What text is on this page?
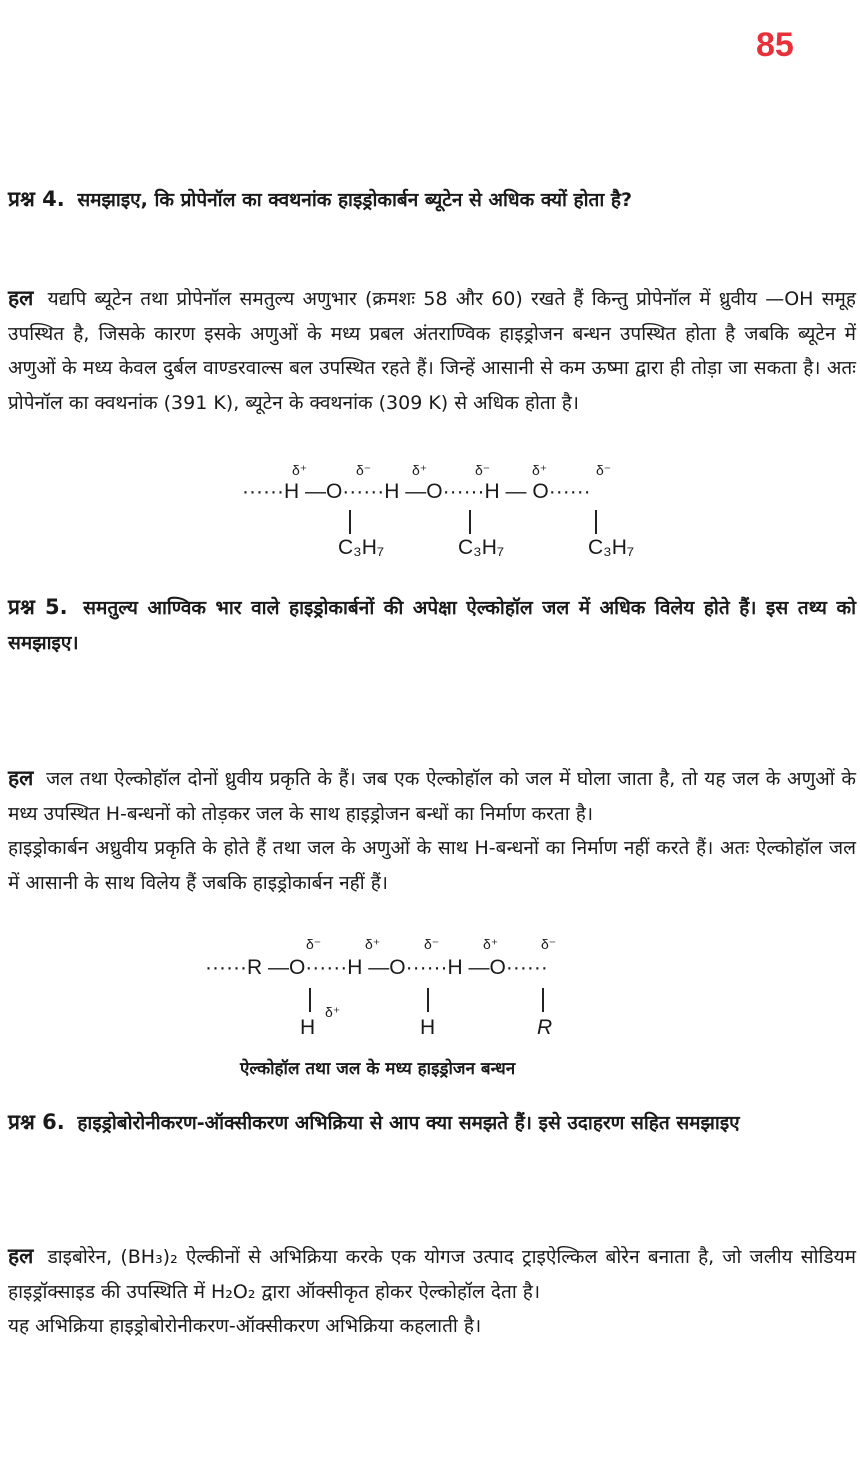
85
प्रश्न 4. समझाइए, कि प्रोपेनॉल का क्वथनांक हाइड्रोकार्बन ब्यूटेन से अधिक क्यों होता है?
हल यद्यपि ब्यूटेन तथा प्रोपेनॉल समतुल्य अणुभार (क्रमशः 58 और 60) रखते हैं किन्तु प्रोपेनॉल में ध्रुवीय —OH समूह उपस्थित है, जिसके कारण इसके अणुओं के मध्य प्रबल अंतराण्विक हाइड्रोजन बन्धन उपस्थित होता है जबकि ब्यूटेन में अणुओं के मध्य केवल दुर्बल वाण्डरवाल्स बल उपस्थित रहते हैं। जिन्हें आसानी से कम ऊष्मा द्वारा ही तोड़ा जा सकता है। अतः प्रोपेनॉल का क्वथनांक (391 K), ब्यूटेन के क्वथनांक (309 K) से अधिक होता है।
δ⁺	δ⁻	δ⁺	δ⁻	δ⁺	δ⁻
······H —O······H —O······H — O······
C₃H₇	C₃H₇	C₃H₇
प्रश्न 5. समतुल्य आण्विक भार वाले हाइड्रोकार्बनों की अपेक्षा ऐल्कोहॉल जल में अधिक विलेय होते हैं। इस तथ्य को समझाइए।
हल जल तथा ऐल्कोहॉल दोनों ध्रुवीय प्रकृति के हैं। जब एक ऐल्कोहॉल को जल में घोला जाता है, तो यह जल के अणुओं के मध्य उपस्थित H-बन्धनों को तोड़कर जल के साथ हाइड्रोजन बन्धों का निर्माण करता है।
हाइड्रोकार्बन अध्रुवीय प्रकृति के होते हैं तथा जल के अणुओं के साथ H-बन्धनों का निर्माण नहीं करते हैं। अतः ऐल्कोहॉल जल में आसानी के साथ विलेय हैं जबकि हाइड्रोकार्बन नहीं हैं।
δ⁻	δ⁺	δ⁻	δ⁺	δ⁻
······R —O······H —O······H —O······
H
δ⁺
H	R
ऐल्कोहॉल तथा जल के मध्य हाइड्रोजन बन्धन
प्रश्न 6. हाइड्रोबोरोनीकरण-ऑक्सीकरण अभिक्रिया से आप क्या समझते हैं। इसे उदाहरण सहित समझाइए
हल डाइबोरेन, (BH₃)₂ ऐल्कीनों से अभिक्रिया करके एक योगज उत्पाद ट्राइऐल्किल बोरेन बनाता है, जो जलीय सोडियम हाइड्रॉक्साइड की उपस्थिति में H₂O₂ द्वारा ऑक्सीकृत होकर ऐल्कोहॉल देता है।
यह अभिक्रिया हाइड्रोबोरोनीकरण-ऑक्सीकरण अभिक्रिया कहलाती है।
